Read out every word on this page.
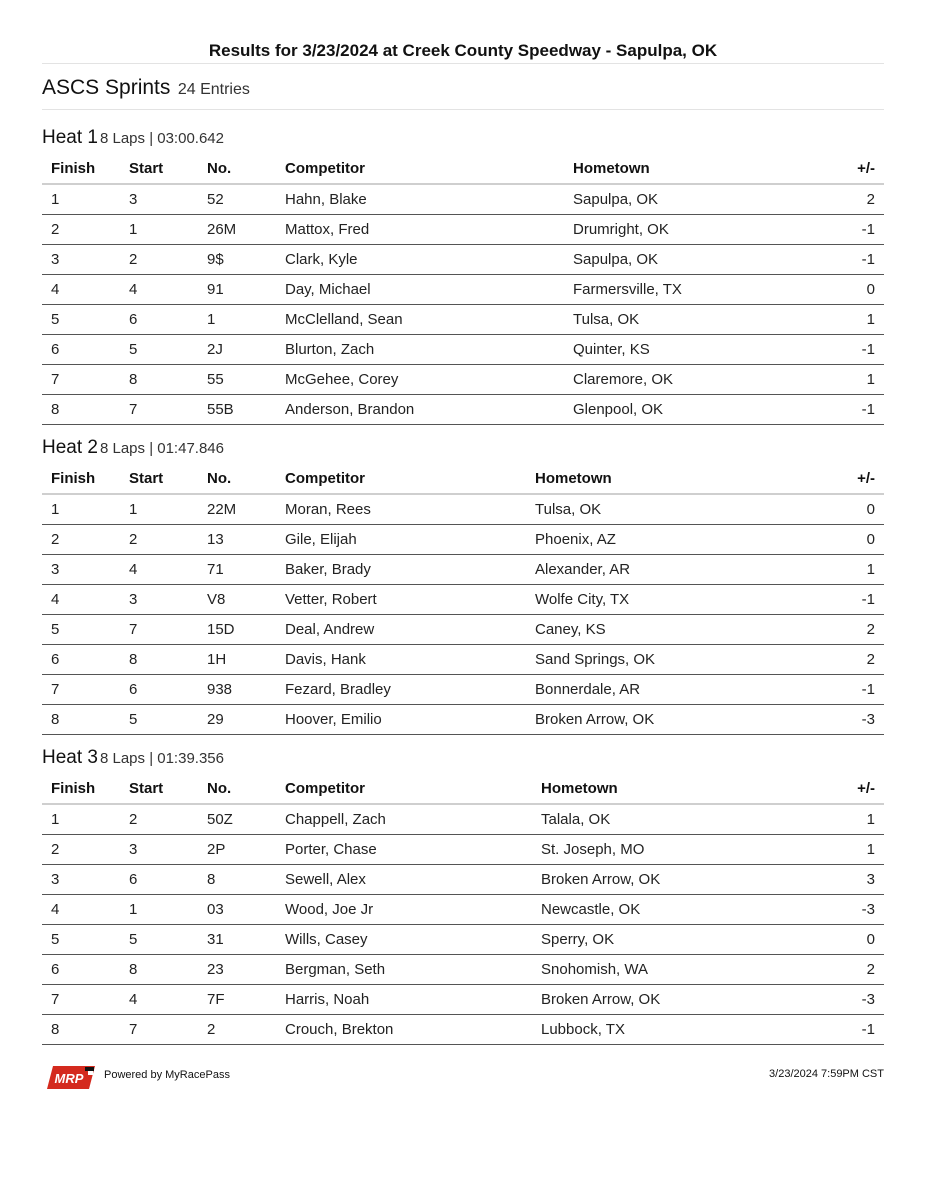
Results for 3/23/2024 at Creek County Speedway - Sapulpa, OK
ASCS Sprints 24 Entries
Heat 1 8 Laps | 03:00.642
Finish	Start	No.	Competitor	Hometown	+/-
1	3	52	Hahn, Blake	Sapulpa, OK	2
2	1	26M	Mattox, Fred	Drumright, OK	-1
3	2	9$	Clark, Kyle	Sapulpa, OK	-1
4	4	91	Day, Michael	Farmersville, TX	0
5	6	1	McClelland, Sean	Tulsa, OK	1
6	5	2J	Blurton, Zach	Quinter, KS	-1
7	8	55	McGehee, Corey	Claremore, OK	1
8	7	55B	Anderson, Brandon	Glenpool, OK	-1
Heat 2 8 Laps | 01:47.846
Finish	Start	No.	Competitor	Hometown	+/-
1	1	22M	Moran, Rees	Tulsa, OK	0
2	2	13	Gile, Elijah	Phoenix, AZ	0
3	4	71	Baker, Brady	Alexander, AR	1
4	3	V8	Vetter, Robert	Wolfe City, TX	-1
5	7	15D	Deal, Andrew	Caney, KS	2
6	8	1H	Davis, Hank	Sand Springs, OK	2
7	6	938	Fezard, Bradley	Bonnerdale, AR	-1
8	5	29	Hoover, Emilio	Broken Arrow, OK	-3
Heat 3 8 Laps | 01:39.356
Finish	Start	No.	Competitor	Hometown	+/-
1	2	50Z	Chappell, Zach	Talala, OK	1
2	3	2P	Porter, Chase	St. Joseph, MO	1
3	6	8	Sewell, Alex	Broken Arrow, OK	3
4	1	03	Wood, Joe Jr	Newcastle, OK	-3
5	5	31	Wills, Casey	Sperry, OK	0
6	8	23	Bergman, Seth	Snohomish, WA	2
7	4	7F	Harris, Noah	Broken Arrow, OK	-3
8	7	2	Crouch, Brekton	Lubbock, TX	-1
MRP Powered by MyRacePass	3/23/2024 7:59PM CST
